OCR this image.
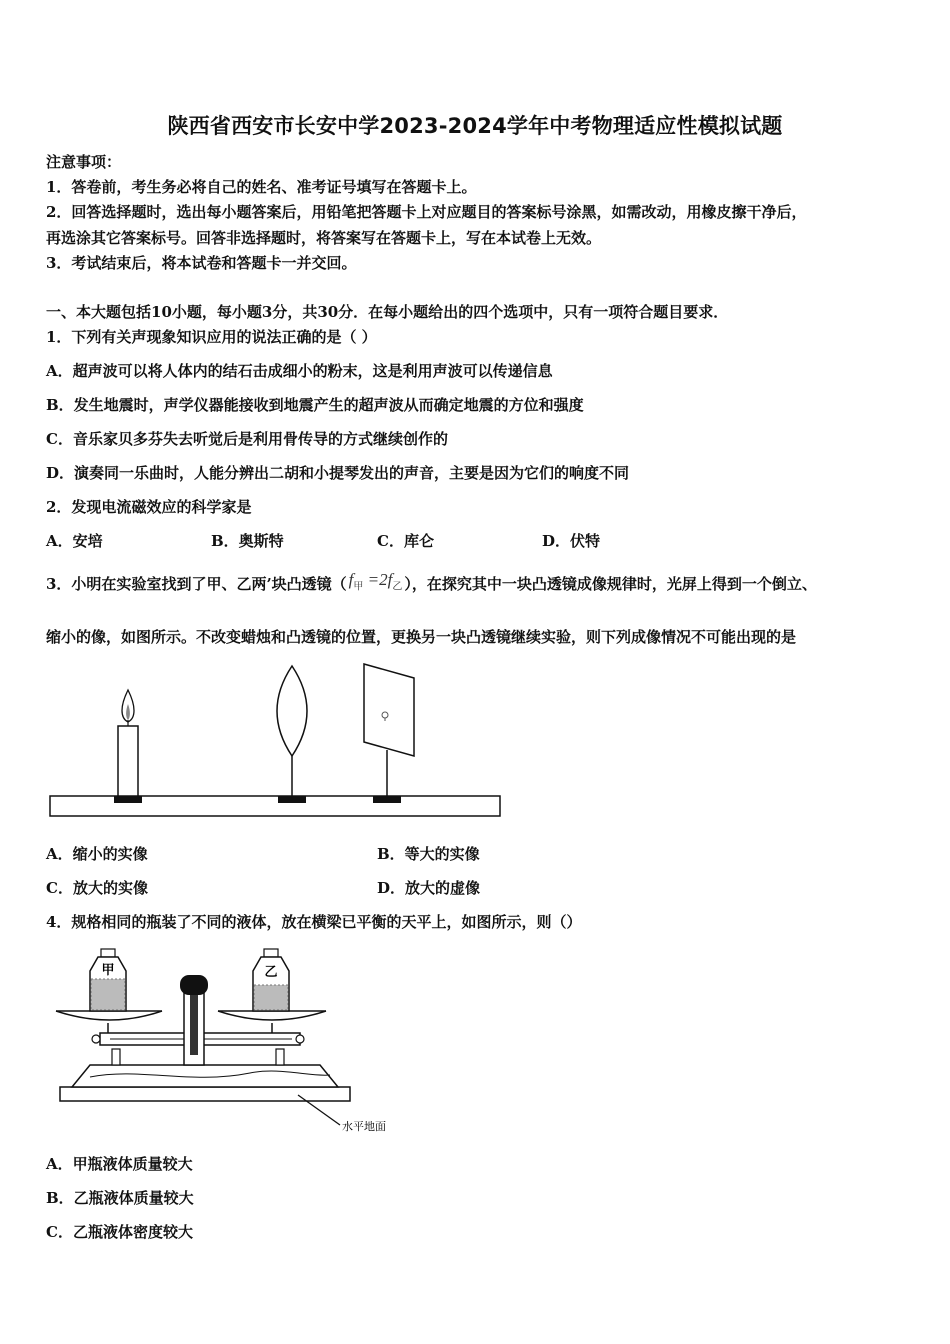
陕西省西安市长安中学2023-2024学年中考物理适应性模拟试题
注意事项：
1．答卷前，考生务必将自己的姓名、准考证号填写在答题卡上。
2．回答选择题时，选出每小题答案后，用铅笔把答题卡上对应题目的答案标号涂黑，如需改动，用橡皮擦干净后，
再选涂其它答案标号。回答非选择题时，将答案写在答题卡上，写在本试卷上无效。
3．考试结束后，将本试卷和答题卡一并交回。
一、本大题包括10小题，每小题3分，共30分．在每小题给出的四个选项中，只有一项符合题目要求．
1．下列有关声现象知识应用的说法正确的是（ ）
A．超声波可以将人体内的结石击成细小的粉末，这是利用声波可以传递信息
B．发生地震时，声学仪器能接收到地震产生的超声波从而确定地震的方位和强度
C．音乐家贝多芬失去听觉后是利用骨传导的方式继续创作的
D．演奏同一乐曲时，人能分辨出二胡和小提琴发出的声音，主要是因为它们的响度不同
2．发现电流磁效应的科学家是
A．安培	B．奥斯特	C．库仑	D．伏特
3．小明在实验室找到了甲、乙两’块凸透镜（ $f_甲 =2f_乙$ ），在探究其中一块凸透镜成像规律时，光屏上得到一个倒立、
缩小的像，如图所示。不改变蜡烛和凸透镜的位置，更换另一块凸透镜继续实验，则下列成像情况不可能出现的是
A．缩小的实像	B．等大的实像
C．放大的实像	D．放大的虚像
4．规格相同的瓶装了不同的液体，放在横梁已平衡的天平上，如图所示，则（）
甲	乙
水平地面
A．甲瓶液体质量较大
B．乙瓶液体质量较大
C．乙瓶液体密度较大
